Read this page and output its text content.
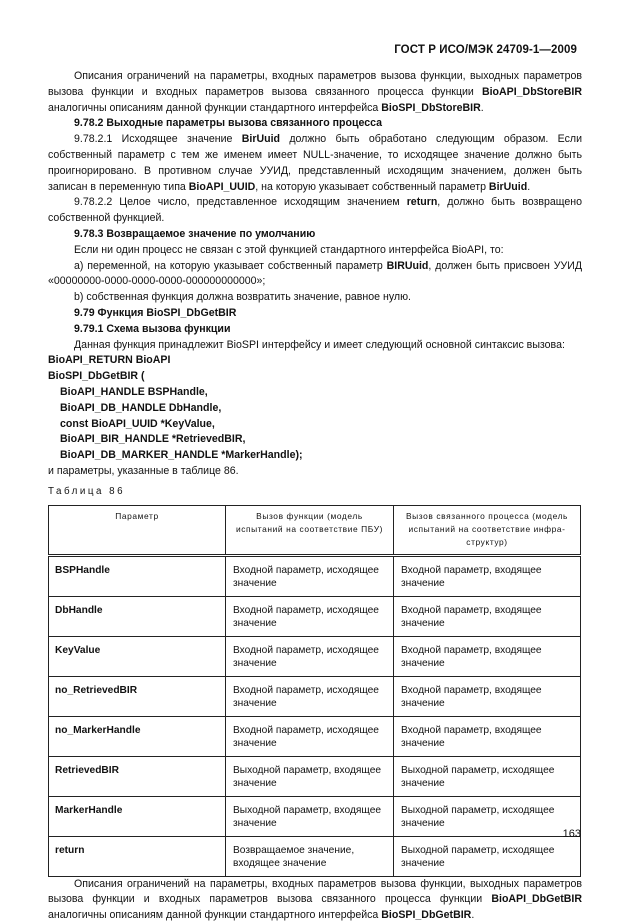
ГОСТ Р ИСО/МЭК 24709-1—2009

Описания ограничений на параметры, входных параметров вызова функции, выходных параметров вызова функции и входных параметров вызова связанного процесса функции BioAPI_DbStoreBIR аналогичны описаниям данной функции стандартного интерфейса BioSPI_DbStoreBIR.

9.78.2 Выходные параметры вызова связанного процесса

9.78.2.1 Исходящее значение BirUuid должно быть обработано следующим образом. Если собственный параметр с тем же именем имеет NULL-значение, то исходящее значение должно быть проигнорировано. В противном случае УУИД, представленный исходящим значением, должен быть записан в переменную типа BioAPI_UUID, на которую указывает собственный параметр BirUuid.

9.78.2.2 Целое число, представленное исходящим значением return, должно быть возвращено собственной функцией.

9.78.3 Возвращаемое значение по умолчанию

Если ни один процесс не связан с этой функцией стандартного интерфейса BioAPI, то:

а) переменной, на которую указывает собственный параметр BIRUuid, должен быть присвоен УУИД «00000000-0000-0000-0000-000000000000»;

b) собственная функция должна возвратить значение, равное нулю.

9.79 Функция BioSPI_DbGetBIR

9.79.1 Схема вызова функции

Данная функция принадлежит BioSPI интерфейсу и имеет следующий основной синтаксис вызова:

BioAPI_RETURN BioAPI

BioSPI_DbGetBIR (

BioAPI_HANDLE BSPHandle,

BioAPI_DB_HANDLE DbHandle,

const BioAPI_UUID *KeyValue,

BioAPI_BIR_HANDLE *RetrievedBIR,

BioAPI_DB_MARKER_HANDLE *MarkerHandle);

и параметры, указанные в таблице 86.

Таблица 86

Параметр	Вызов функции (модель испытаний на соответствие ПБУ)	Вызов связанного процесса (модель испытаний на соответствие инфра- структур)
BSPHandle	Входной параметр, исходящее значение	Входной параметр, входящее значение
DbHandle	Входной параметр, исходящее значение	Входной параметр, входящее значение
KeyValue	Входной параметр, исходящее значение	Входной параметр, входящее значение
no_RetrievedBIR	Входной параметр, исходящее значение	Входной параметр, входящее значение
no_MarkerHandle	Входной параметр, исходящее значение	Входной параметр, входящее значение
RetrievedBIR	Выходной параметр, входящее значение	Выходной параметр, исходящее значение
MarkerHandle	Выходной параметр, входящее значение	Выходной параметр, исходящее значение
return	Возвращаемое значение, входящее значение	Выходной параметр, исходящее значение

Описания ограничений на параметры, входных параметров вызова функции, выходных параметров вызова функции и входных параметров вызова связанного процесса функции BioAPI_DbGetBIR аналогичны описаниям данной функции стандартного интерфейса BioSPI_DbGetBIR.

163
